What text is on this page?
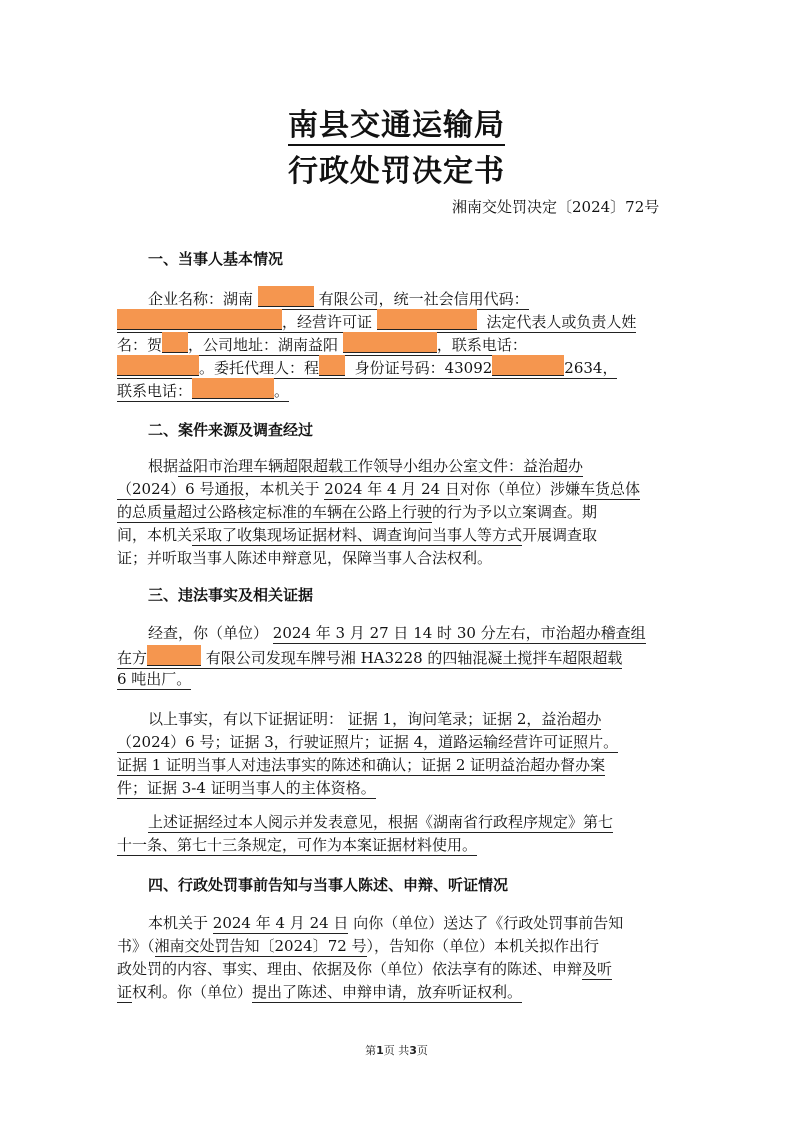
南县交通运输局
行政处罚决定书
湘南交处罚决定〔2024〕72号
一、当事人基本情况
企业名称：湖南	有限公司，统一社会信用代码：
，经营许可证	法定代表人或负责人姓
名：贺 ，公司地址：湖南益阳	，联系电话：
。委托代理人：程 身份证号码：43092	2634，
联系电话：	。
二、案件来源及调查经过
根据益阳市治理车辆超限超载工作领导小组办公室文件：益治超办
（2024）6 号通报，本机关于 2024 年 4 月 24 日对你（单位）涉嫌车货总体
的总质量超过公路核定标准的车辆在公路上行驶的行为予以立案调查。期
间，本机关采取了收集现场证据材料、调查询问当事人等方式开展调查取
证；并听取当事人陈述申辩意见，保障当事人合法权利。
三、违法事实及相关证据
经查，你（单位） 2024 年 3 月 27 日 14 时 30 分左右，市治超办稽查组
在方	有限公司发现车牌号湘 HA3228 的四轴混凝土搅拌车超限超载
6 吨出厂。
以上事实，有以下证据证明： 证据 1，询问笔录；证据 2，益治超办
（2024）6 号；证据 3，行驶证照片；证据 4，道路运输经营许可证照片。
证据 1 证明当事人对违法事实的陈述和确认；证据 2 证明益治超办督办案
件；证据 3-4 证明当事人的主体资格。
上述证据经过本人阅示并发表意见，根据《湖南省行政程序规定》第七
十一条、第七十三条规定，可作为本案证据材料使用。
四、行政处罚事前告知与当事人陈述、申辩、听证情况
本机关于 2024 年 4 月 24 日 向你（单位）送达了《行政处罚事前告知
书》（湘南交处罚告知〔2024〕72 号），告知你（单位）本机关拟作出行
政处罚的内容、事实、理由、依据及你（单位）依法享有的陈述、申辩及听
证权利。你（单位）提出了陈述、申辩申请，放弃听证权利。
第1页 共3页
